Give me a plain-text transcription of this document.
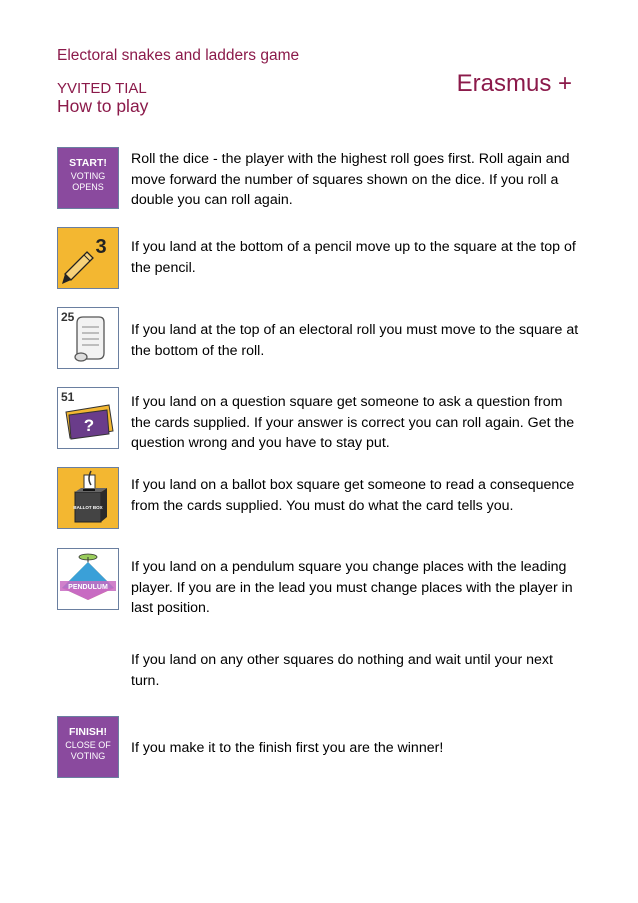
Electoral snakes and ladders game
YVITED TIAL
How to play
Erasmus +
START!
VOTING
OPENS
Roll the dice - the player with the highest roll goes first. Roll again and move forward the number of squares shown on the dice. If you roll a double you can roll again.
3 If you land at the bottom of a pencil move up to the square at the top of the pencil.
25
If you land at the top of an electoral roll you must move to the square at the bottom of the roll.
51
?
If you land on a question square get someone to ask a question from the cards supplied. If your answer is correct you can roll again. Get the question wrong and you have to stay put.
BALLOT BOX
If you land on a ballot box square get someone to read a consequence from the cards supplied. You must do what the card tells you.
PENDULUM
If you land on a pendulum square you change places with the leading player. If you are in the lead you must change places with the player in last position.
If you land on any other squares do nothing and wait until your next turn.
FINISH!
CLOSE OF
VOTING If you make it to the finish first you are the winner!
